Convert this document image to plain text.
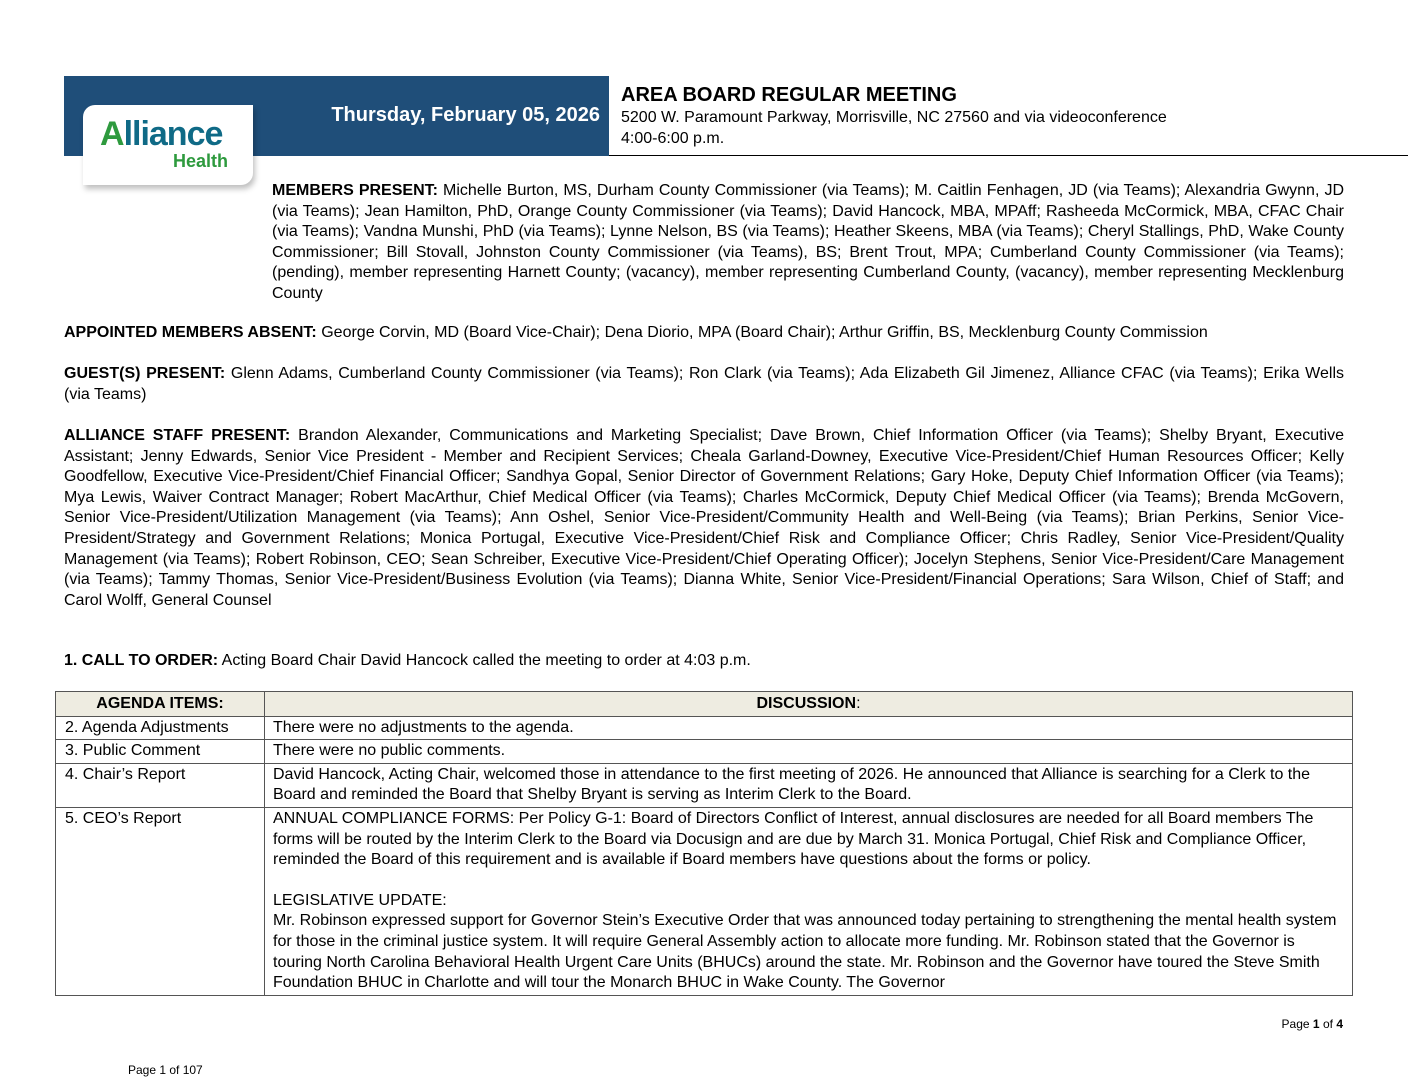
Thursday, February 05, 2026
Alliance
Health
AREA BOARD REGULAR MEETING
5200 W. Paramount Parkway, Morrisville, NC 27560 and via videoconference
4:00-6:00 p.m.
MEMBERS PRESENT: Michelle Burton, MS, Durham County Commissioner (via Teams); M. Caitlin Fenhagen, JD (via Teams); Alexandria Gwynn, JD (via Teams); Jean Hamilton, PhD, Orange County Commissioner (via Teams); David Hancock, MBA, MPAff; Rasheeda McCormick, MBA, CFAC Chair (via Teams); Vandna Munshi, PhD (via Teams); Lynne Nelson, BS (via Teams); Heather Skeens, MBA (via Teams); Cheryl Stallings, PhD, Wake County Commissioner; Bill Stovall, Johnston County Commissioner (via Teams), BS; Brent Trout, MPA; Cumberland County Commissioner (via Teams); (pending), member representing Harnett County; (vacancy), member representing Cumberland County, (vacancy), member representing Mecklenburg County
APPOINTED MEMBERS ABSENT: George Corvin, MD (Board Vice-Chair); Dena Diorio, MPA (Board Chair); Arthur Griffin, BS, Mecklenburg County Commission
GUEST(S) PRESENT: Glenn Adams, Cumberland County Commissioner (via Teams); Ron Clark (via Teams); Ada Elizabeth Gil Jimenez, Alliance CFAC (via Teams); Erika Wells (via Teams)
ALLIANCE STAFF PRESENT: Brandon Alexander, Communications and Marketing Specialist; Dave Brown, Chief Information Officer (via Teams); Shelby Bryant, Executive Assistant; Jenny Edwards, Senior Vice President - Member and Recipient Services; Cheala Garland-Downey, Executive Vice-President/Chief Human Resources Officer; Kelly Goodfellow, Executive Vice-President/Chief Financial Officer; Sandhya Gopal, Senior Director of Government Relations; Gary Hoke, Deputy Chief Information Officer (via Teams); Mya Lewis, Waiver Contract Manager; Robert MacArthur, Chief Medical Officer (via Teams); Charles McCormick, Deputy Chief Medical Officer (via Teams); Brenda McGovern, Senior Vice-President/Utilization Management (via Teams); Ann Oshel, Senior Vice-President/Community Health and Well-Being (via Teams); Brian Perkins, Senior Vice-President/Strategy and Government Relations; Monica Portugal, Executive Vice-President/Chief Risk and Compliance Officer; Chris Radley, Senior Vice-President/Quality Management (via Teams); Robert Robinson, CEO; Sean Schreiber, Executive Vice-President/Chief Operating Officer); Jocelyn Stephens, Senior Vice-President/Care Management (via Teams); Tammy Thomas, Senior Vice-President/Business Evolution (via Teams); Dianna White, Senior Vice-President/Financial Operations; Sara Wilson, Chief of Staff; and Carol Wolff, General Counsel
1. CALL TO ORDER: Acting Board Chair David Hancock called the meeting to order at 4:03 p.m.
AGENDA ITEMS:	DISCUSSION:
2. Agenda Adjustments	There were no adjustments to the agenda.
3. Public Comment	There were no public comments.
4. Chair’s Report	David Hancock, Acting Chair, welcomed those in attendance to the first meeting of 2026. He announced that Alliance is searching for a Clerk to the Board and reminded the Board that Shelby Bryant is serving as Interim Clerk to the Board.
5. CEO’s Report	ANNUAL COMPLIANCE FORMS: Per Policy G-1: Board of Directors Conflict of Interest, annual disclosures are needed for all Board members The forms will be routed by the Interim Clerk to the Board via Docusign and are due by March 31. Monica Portugal, Chief Risk and Compliance Officer, reminded the Board of this requirement and is available if Board members have questions about the forms or policy.
LEGISLATIVE UPDATE:
Mr. Robinson expressed support for Governor Stein’s Executive Order that was announced today pertaining to strengthening the mental health system for those in the criminal justice system. It will require General Assembly action to allocate more funding. Mr. Robinson stated that the Governor is touring North Carolina Behavioral Health Urgent Care Units (BHUCs) around the state. Mr. Robinson and the Governor have toured the Steve Smith Foundation BHUC in Charlotte and will tour the Monarch BHUC in Wake County. The Governor
Page 1 of 4
Page 1 of 107
